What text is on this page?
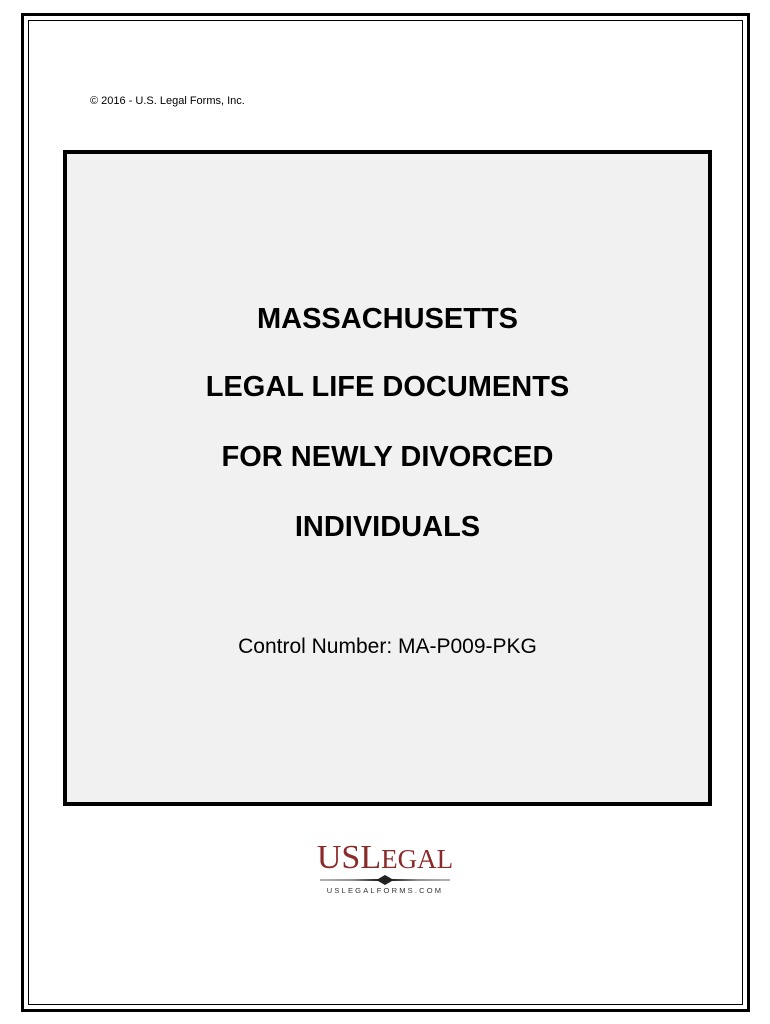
© 2016 - U.S. Legal Forms, Inc.
MASSACHUSETTS
LEGAL LIFE DOCUMENTS
FOR NEWLY DIVORCED
INDIVIDUALS
Control Number: MA-P009-PKG
USLEGAL
USLEGALFORMS.COM
